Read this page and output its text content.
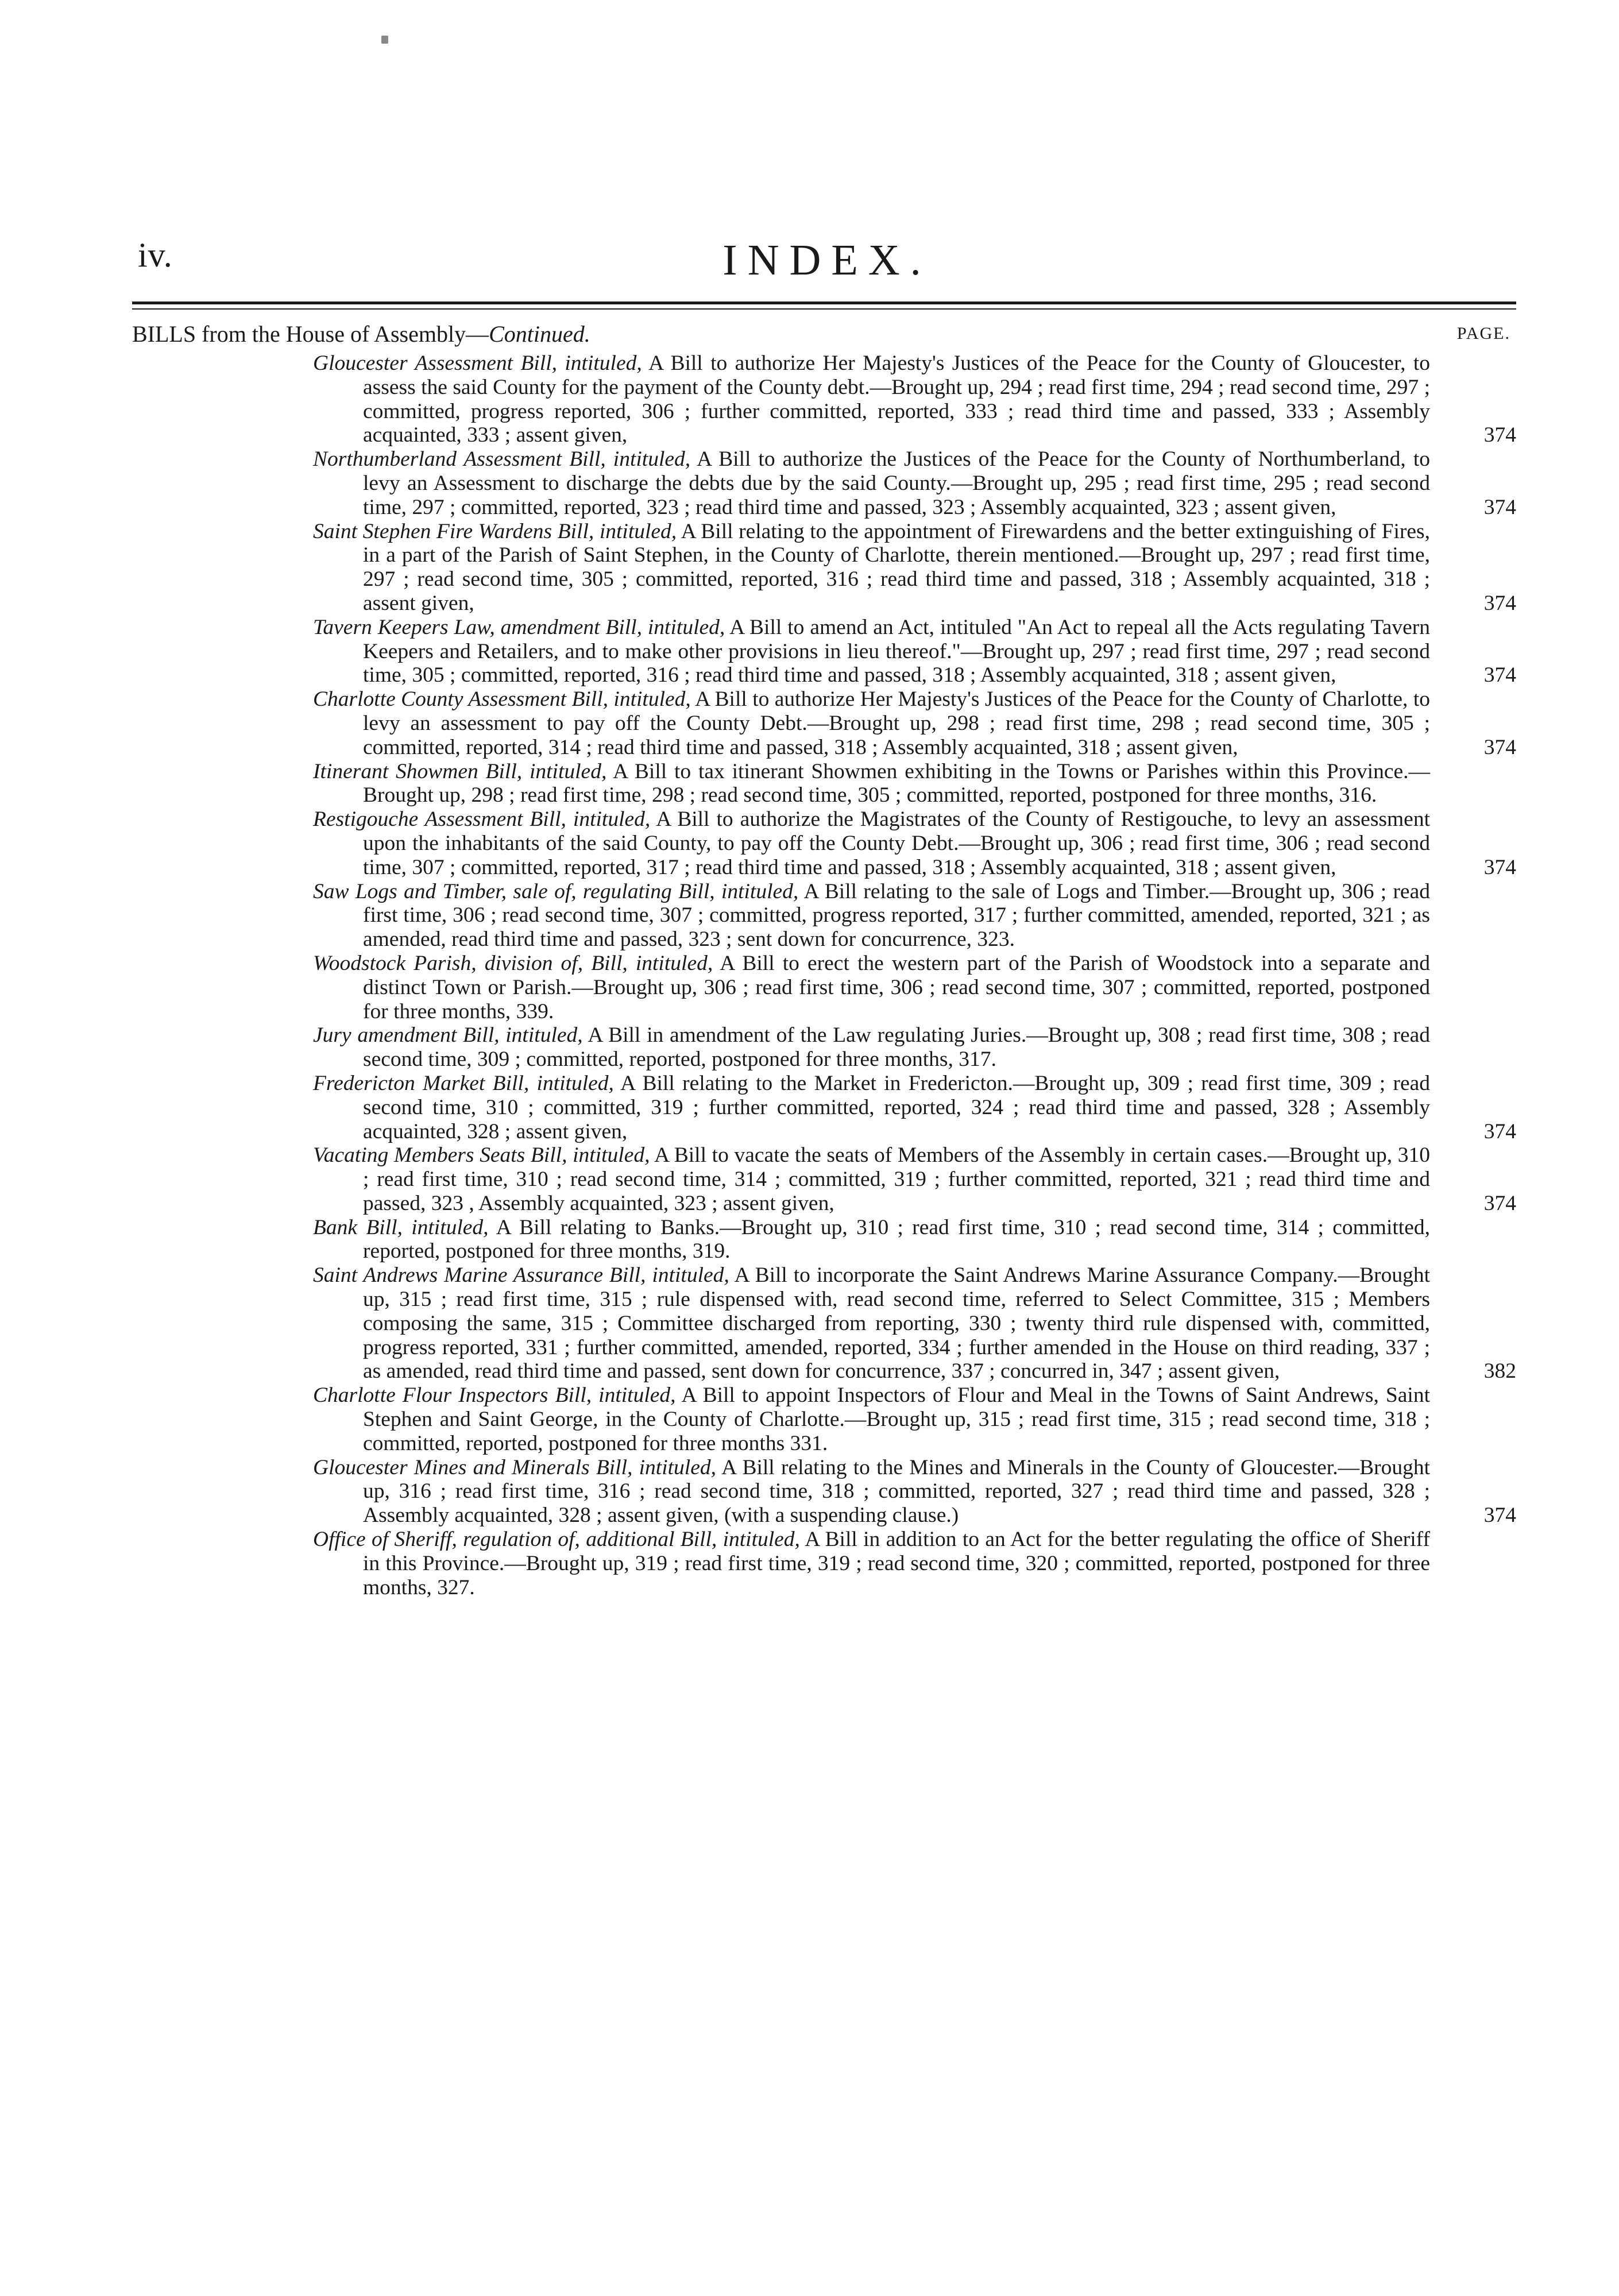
iv.	INDEX.
BILLS from the House of Assembly—Continued.	PAGE.
Gloucester Assessment Bill, intituled, A Bill to authorize Her Majesty's Justices of the Peace for the County of Gloucester, to assess the said County for the payment of the County debt.—Brought up, 294 ; read first time, 294 ; read second time, 297 ; committed, progress reported, 306 ; further committed, reported, 333 ; read third time and passed, 333 ; Assembly acquainted, 333 ; assent given,	374
Northumberland Assessment Bill, intituled, A Bill to authorize the Justices of the Peace for the County of Northumberland, to levy an Assessment to discharge the debts due by the said County.—Brought up, 295 ; read first time, 295 ; read second time, 297 ; committed, reported, 323 ; read third time and passed, 323 ; Assembly acquainted, 323 ; assent given,	374
Saint Stephen Fire Wardens Bill, intituled, A Bill relating to the appointment of Firewardens and the better extinguishing of Fires, in a part of the Parish of Saint Stephen, in the County of Charlotte, therein mentioned.—Brought up, 297 ; read first time, 297 ; read second time, 305 ; committed, reported, 316 ; read third time and passed, 318 ; Assembly acquainted, 318 ; assent given,	374
Tavern Keepers Law, amendment Bill, intituled, A Bill to amend an Act, intituled "An Act to repeal all the Acts regulating Tavern Keepers and Retailers, and to make other provisions in lieu thereof."—Brought up, 297 ; read first time, 297 ; read second time, 305 ; committed, reported, 316 ; read third time and passed, 318 ; Assembly acquainted, 318 ; assent given,	374
Charlotte County Assessment Bill, intituled, A Bill to authorize Her Majesty's Justices of the Peace for the County of Charlotte, to levy an assessment to pay off the County Debt.—Brought up, 298 ; read first time, 298 ; read second time, 305 ; committed, reported, 314 ; read third time and passed, 318 ; Assembly acquainted, 318 ; assent given,	374
Itinerant Showmen Bill, intituled, A Bill to tax itinerant Showmen exhibiting in the Towns or Parishes within this Province.—Brought up, 298 ; read first time, 298 ; read second time, 305 ; committed, reported, postponed for three months, 316.
Restigouche Assessment Bill, intituled, A Bill to authorize the Magistrates of the County of Restigouche, to levy an assessment upon the inhabitants of the said County, to pay off the County Debt.—Brought up, 306 ; read first time, 306 ; read second time, 307 ; committed, reported, 317 ; read third time and passed, 318 ; Assembly acquainted, 318 ; assent given,	374
Saw Logs and Timber, sale of, regulating Bill, intituled, A Bill relating to the sale of Logs and Timber.—Brought up, 306 ; read first time, 306 ; read second time, 307 ; committed, progress reported, 317 ; further committed, amended, reported, 321 ; as amended, read third time and passed, 323 ; sent down for concurrence, 323.
Woodstock Parish, division of, Bill, intituled, A Bill to erect the western part of the Parish of Woodstock into a separate and distinct Town or Parish.—Brought up, 306 ; read first time, 306 ; read second time, 307 ; committed, reported, postponed for three months, 339.
Jury amendment Bill, intituled, A Bill in amendment of the Law regulating Juries.—Brought up, 308 ; read first time, 308 ; read second time, 309 ; committed, reported, postponed for three months, 317.
Fredericton Market Bill, intituled, A Bill relating to the Market in Fredericton.—Brought up, 309 ; read first time, 309 ; read second time, 310 ; committed, 319 ; further committed, reported, 324 ; read third time and passed, 328 ; Assembly acquainted, 328 ; assent given,	374
Vacating Members Seats Bill, intituled, A Bill to vacate the seats of Members of the Assembly in certain cases.—Brought up, 310 ; read first time, 310 ; read second time, 314 ; committed, 319 ; further committed, reported, 321 ; read third time and passed, 323 , Assembly acquainted, 323 ; assent given,	374
Bank Bill, intituled, A Bill relating to Banks.—Brought up, 310 ; read first time, 310 ; read second time, 314 ; committed, reported, postponed for three months, 319.
Saint Andrews Marine Assurance Bill, intituled, A Bill to incorporate the Saint Andrews Marine Assurance Company.—Brought up, 315 ; read first time, 315 ; rule dispensed with, read second time, referred to Select Committee, 315 ; Members composing the same, 315 ; Committee discharged from reporting, 330 ; twenty third rule dispensed with, committed, progress reported, 331 ; further committed, amended, reported, 334 ; further amended in the House on third reading, 337 ; as amended, read third time and passed, sent down for concurrence, 337 ; concurred in, 347 ; assent given,	382
Charlotte Flour Inspectors Bill, intituled, A Bill to appoint Inspectors of Flour and Meal in the Towns of Saint Andrews, Saint Stephen and Saint George, in the County of Charlotte.—Brought up, 315 ; read first time, 315 ; read second time, 318 ; committed, reported, postponed for three months 331.
Gloucester Mines and Minerals Bill, intituled, A Bill relating to the Mines and Minerals in the County of Gloucester.—Brought up, 316 ; read first time, 316 ; read second time, 318 ; committed, reported, 327 ; read third time and passed, 328 ; Assembly acquainted, 328 ; assent given, (with a suspending clause.)	374
Office of Sheriff, regulation of, additional Bill, intituled, A Bill in addition to an Act for the better regulating the office of Sheriff in this Province.—Brought up, 319 ; read first time, 319 ; read second time, 320 ; committed, reported, postponed for three months, 327.
